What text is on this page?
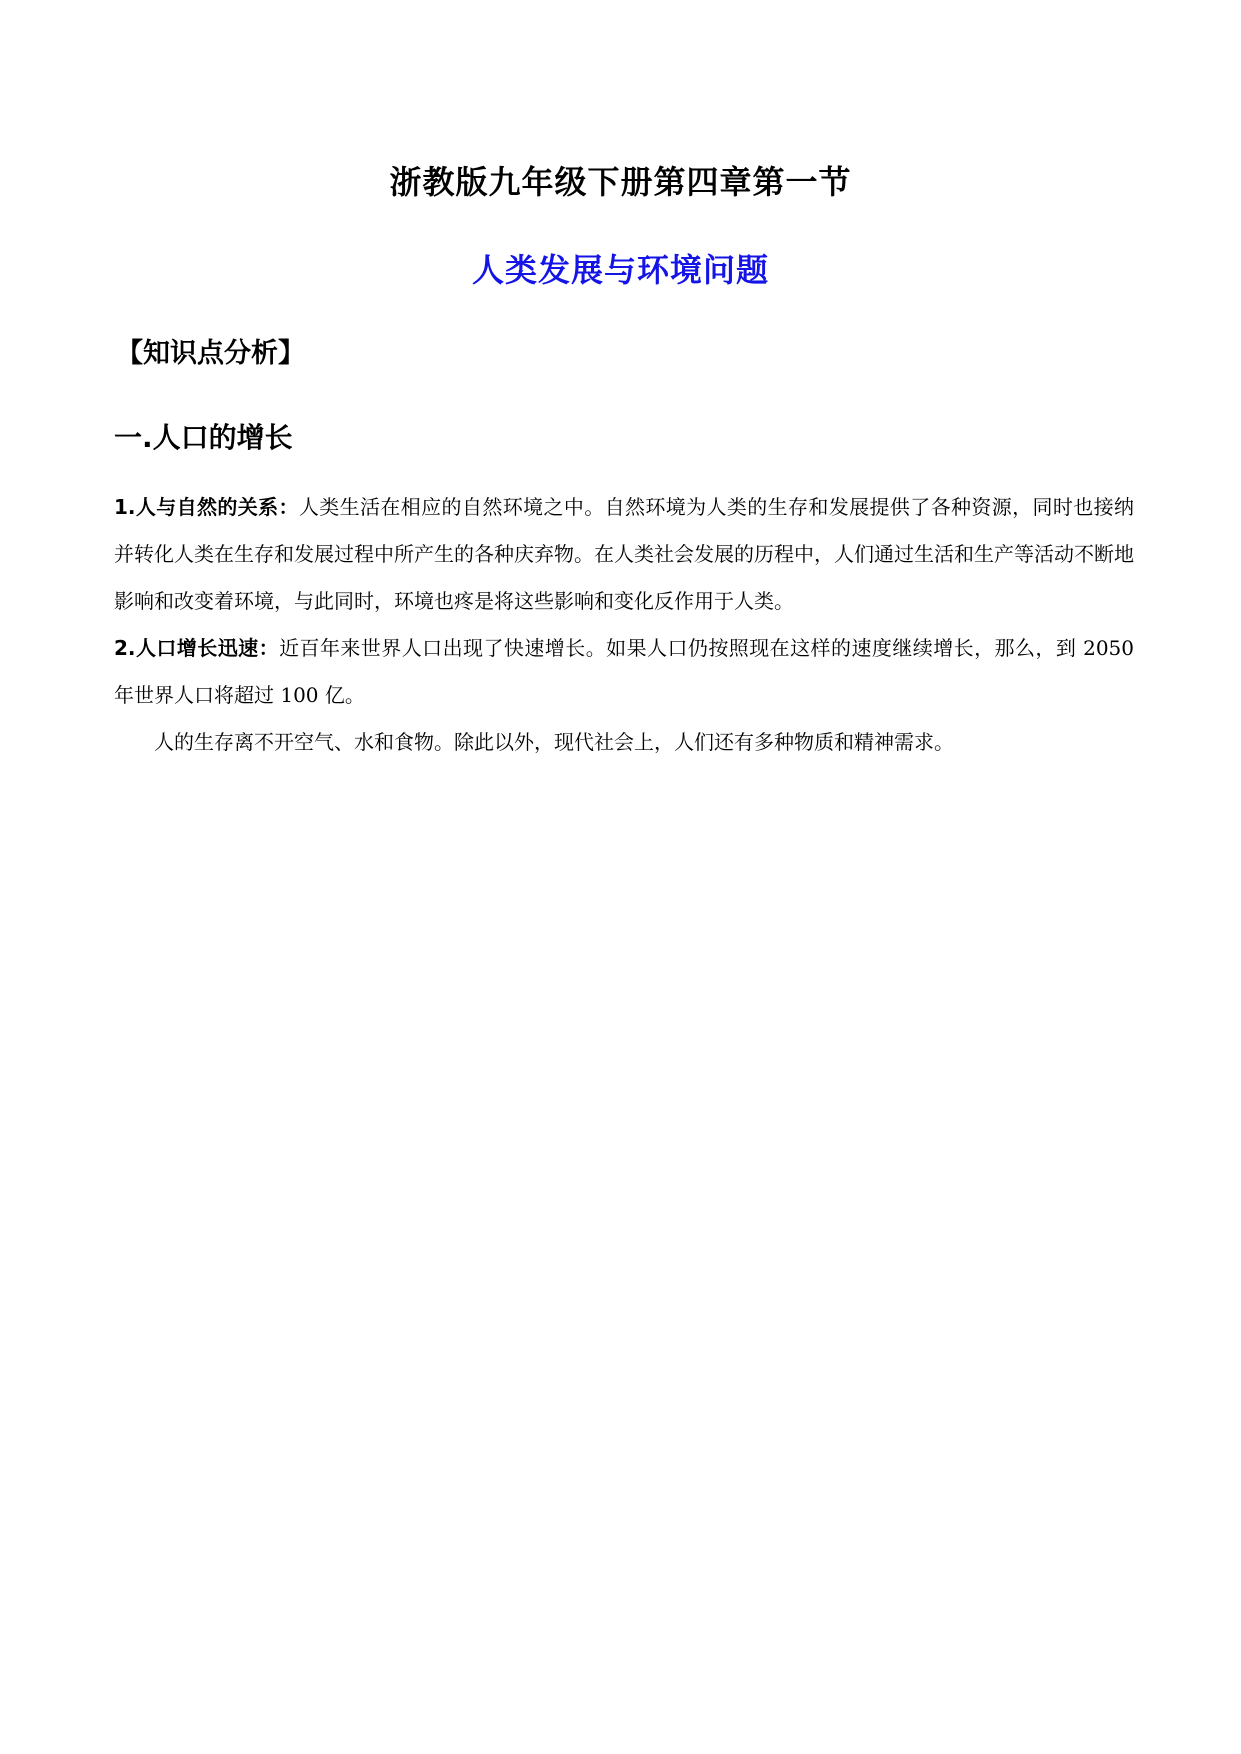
浙教版九年级下册第四章第一节
人类发展与环境问题
【知识点分析】
一.人口的增长

1.人与自然的关系：人类生活在相应的自然环境之中。自然环境为人类的生存和发展提供了各种资源，同时也接纳并转化人类在生存和发展过程中所产生的各种庆弃物。在人类社会发展的历程中，人们通过生活和生产等活动不断地影响和改变着环境，与此同时，环境也疼是将这些影响和变化反作用于人类。

2.人口增长迅速：近百年来世界人口出现了快速增长。如果人口仍按照现在这样的速度继续增长，那么，到 2050 年世界人口将超过 100 亿。

人的生存离不开空气、水和食物。除此以外，现代社会上，人们还有多种物质和精神需求。
